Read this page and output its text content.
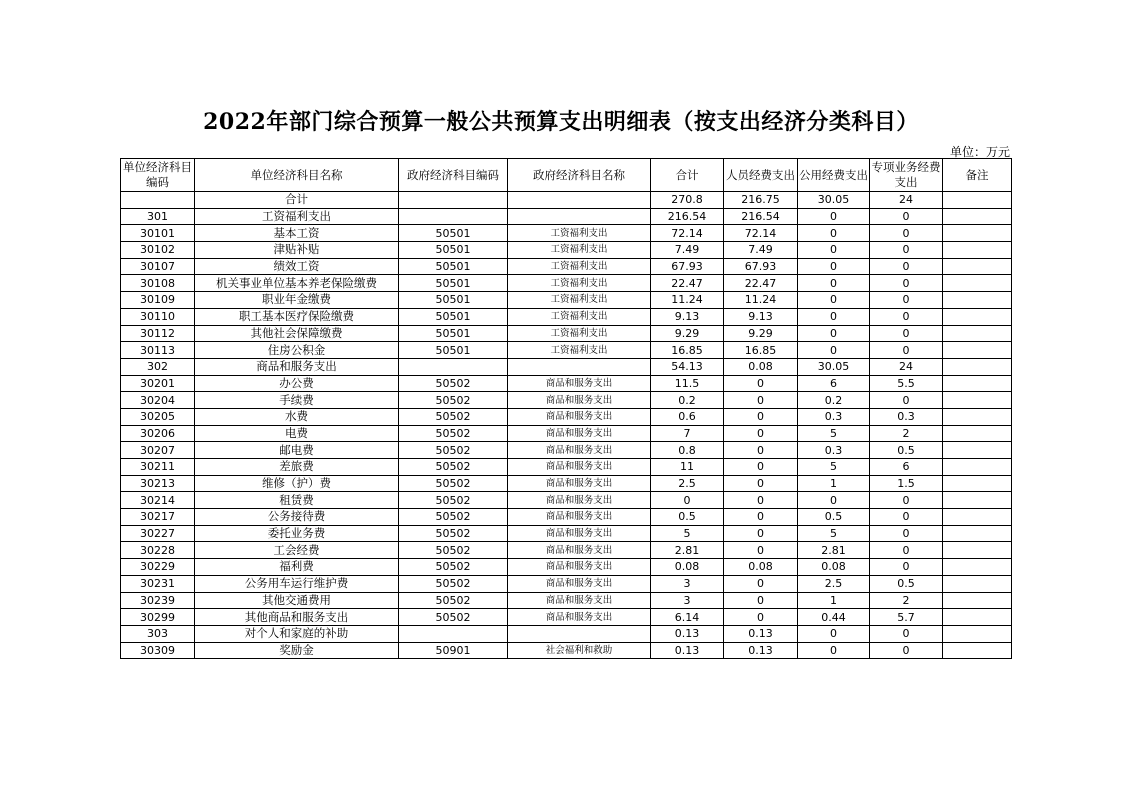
2022年部门综合预算一般公共预算支出明细表（按支出经济分类科目）
单位：万元
单位经济科目编码	单位经济科目名称	政府经济科目编码	政府经济科目名称	合计	人员经费支出	公用经费支出	专项业务经费支出	备注
	合计			270.8	216.75	30.05	24	
301	工资福利支出			216.54	216.54	0	0	
30101	基本工资	50501	工资福利支出	72.14	72.14	0	0	
30102	津贴补贴	50501	工资福利支出	7.49	7.49	0	0	
30107	绩效工资	50501	工资福利支出	67.93	67.93	0	0	
30108	机关事业单位基本养老保险缴费	50501	工资福利支出	22.47	22.47	0	0	
30109	职业年金缴费	50501	工资福利支出	11.24	11.24	0	0	
30110	职工基本医疗保险缴费	50501	工资福利支出	9.13	9.13	0	0	
30112	其他社会保障缴费	50501	工资福利支出	9.29	9.29	0	0	
30113	住房公积金	50501	工资福利支出	16.85	16.85	0	0	
302	商品和服务支出			54.13	0.08	30.05	24	
30201	办公费	50502	商品和服务支出	11.5	0	6	5.5	
30204	手续费	50502	商品和服务支出	0.2	0	0.2	0	
30205	水费	50502	商品和服务支出	0.6	0	0.3	0.3	
30206	电费	50502	商品和服务支出	7	0	5	2	
30207	邮电费	50502	商品和服务支出	0.8	0	0.3	0.5	
30211	差旅费	50502	商品和服务支出	11	0	5	6	
30213	维修（护）费	50502	商品和服务支出	2.5	0	1	1.5	
30214	租赁费	50502	商品和服务支出	0	0	0	0	
30217	公务接待费	50502	商品和服务支出	0.5	0	0.5	0	
30227	委托业务费	50502	商品和服务支出	5	0	5	0	
30228	工会经费	50502	商品和服务支出	2.81	0	2.81	0	
30229	福利费	50502	商品和服务支出	0.08	0.08	0.08	0	
30231	公务用车运行维护费	50502	商品和服务支出	3	0	2.5	0.5	
30239	其他交通费用	50502	商品和服务支出	3	0	1	2	
30299	其他商品和服务支出	50502	商品和服务支出	6.14	0	0.44	5.7	
303	对个人和家庭的补助			0.13	0.13	0	0	
30309	奖励金	50901	社会福利和救助	0.13	0.13	0	0	
